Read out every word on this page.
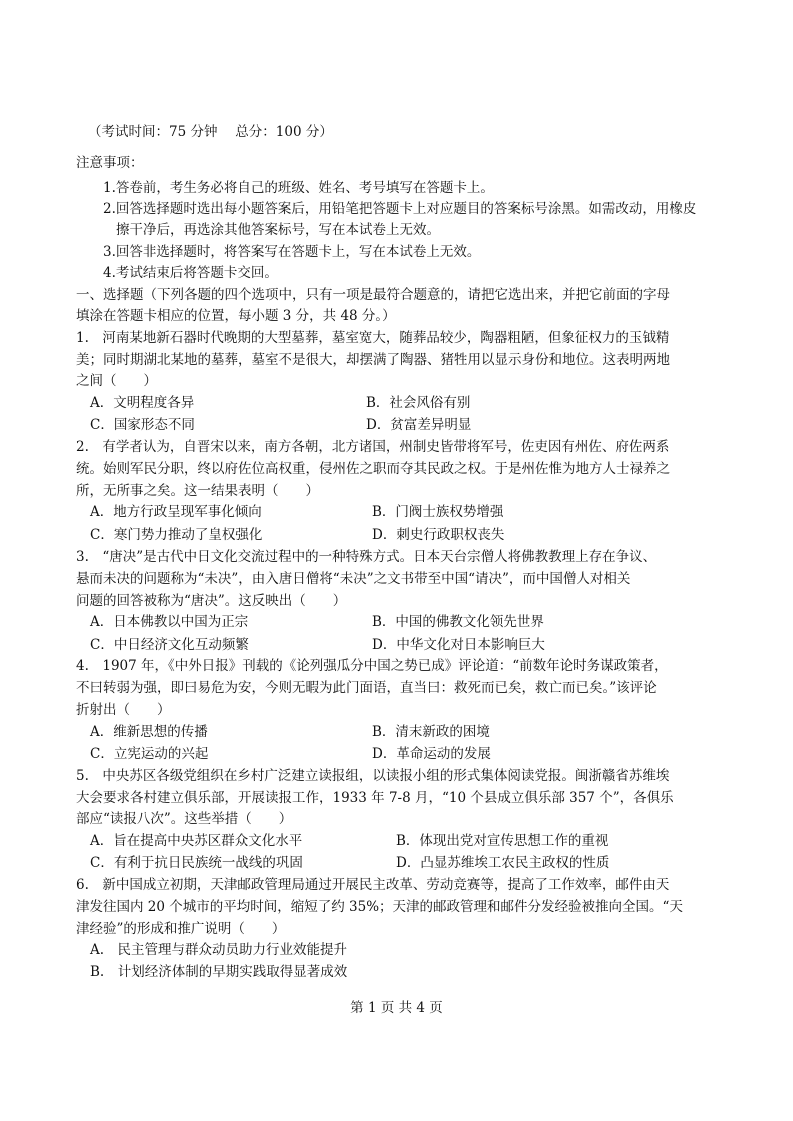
（考试时间：75 分钟　 总分：100 分）
注意事项：
1.答卷前，考生务必将自己的班级、姓名、考号填写在答题卡上。
2.回答选择题时选出每小题答案后，用铅笔把答题卡上对应题目的答案标号涂黑。如需改动，用橡皮
擦干净后，再选涂其他答案标号，写在本试卷上无效。
3.回答非选择题时，将答案写在答题卡上，写在本试卷上无效。
4.考试结束后将答题卡交回。
一、选择题（下列各题的四个选项中，只有一项是最符合题意的，请把它选出来，并把它前面的字母
填涂在答题卡相应的位置，每小题 3 分，共 48 分。）
1.　河南某地新石器时代晚期的大型墓葬，墓室宽大，随葬品较少，陶器粗陋，但象征权力的玉钺精
美；同时期湖北某地的墓葬，墓室不是很大，却摆满了陶器、猪牲用以显示身份和地位。这表明两地
之间（　　）
A．文明程度各异	B．社会风俗有别
C．国家形态不同	D．贫富差异明显
2.　有学者认为，自晋宋以来，南方各朝，北方诸国，州制史皆带将军号，佐吏因有州佐、府佐两系
统。始则军民分职，终以府佐位高权重，侵州佐之职而夺其民政之权。于是州佐惟为地方人士禄养之
所，无所事之矣。这一结果表明（　　）
A．地方行政呈现军事化倾向	B．门阀士族权势增强
C．寒门势力推动了皇权强化	D．刺史行政职权丧失
3.　“唐决”是古代中日文化交流过程中的一种特殊方式。日本天台宗僧人将佛教教理上存在争议、
悬而未决的问题称为“未决”，由入唐日僧将“未决”之文书带至中国“请决”，而中国僧人对相关
问题的回答被称为“唐决”。这反映出（　　）
A．日本佛教以中国为正宗	B．中国的佛教文化领先世界
C．中日经济文化互动频繁	D．中华文化对日本影响巨大
4.　1907 年，《中外日报》刊载的《论列强瓜分中国之势已成》评论道：“前数年论时务谋政策者，
不曰转弱为强，即曰易危为安，今则无暇为此门面语，直当曰：救死而已矣，救亡而已矣。”该评论
折射出（　　）
A．维新思想的传播	B．清末新政的困境
C．立宪运动的兴起	D．革命运动的发展
5.　中央苏区各级党组织在乡村广泛建立读报组，以读报小组的形式集体阅读党报。闽浙赣省苏维埃
大会要求各村建立俱乐部，开展读报工作，1933 年 7-8 月，“10 个县成立俱乐部 357 个”，各俱乐
部应“读报八次”。这些举措（　　）
A．旨在提高中央苏区群众文化水平	B．体现出党对宣传思想工作的重视
C．有利于抗日民族统一战线的巩固	D．凸显苏维埃工农民主政权的性质
6.　新中国成立初期，天津邮政管理局通过开展民主改革、劳动竞赛等，提高了工作效率，邮件由天
津发往国内 20 个城市的平均时间，缩短了约 35%；天津的邮政管理和邮件分发经验被推向全国。“天
津经验”的形成和推广说明（　　）
A.　民主管理与群众动员助力行业效能提升
B.　计划经济体制的早期实践取得显著成效
第 1 页 共 4 页
